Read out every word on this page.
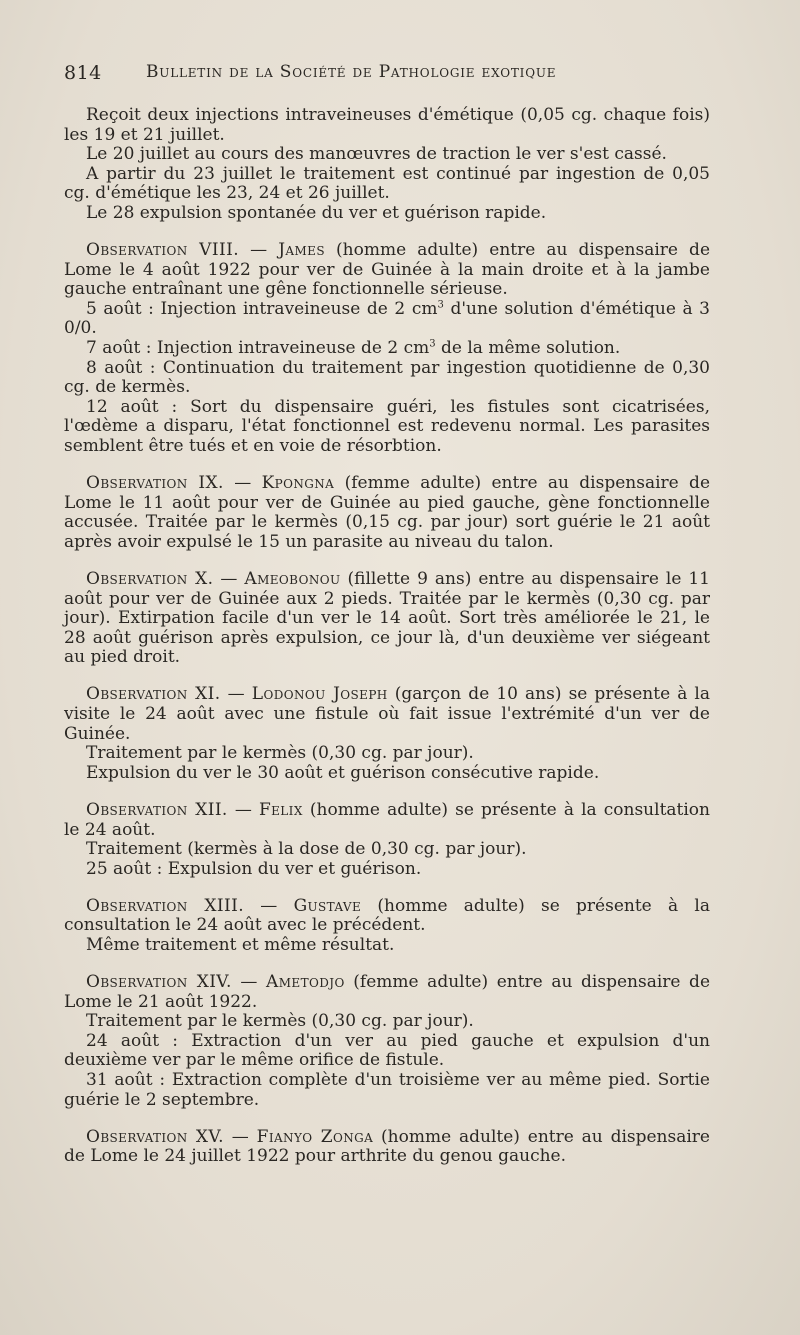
814	Bulletin de la Société de Pathologie exotique

Reçoit deux injections intraveineuses d'émétique (0,05 cg. chaque fois) les 19 et 21 juillet.

Le 20 juillet au cours des manœuvres de traction le ver s'est cassé.

A partir du 23 juillet le traitement est continué par ingestion de 0,05 cg. d'émétique les 23, 24 et 26 juillet.

Le 28 expulsion spontanée du ver et guérison rapide.

Observation VIII. — James (homme adulte) entre au dispensaire de Lome le 4 août 1922 pour ver de Guinée à la main droite et à la jambe gauche entraînant une gêne fonctionnelle sérieuse.

5 août : Injection intraveineuse de 2 $cm^3$ d'une solution d'émétique à 3 0/0.

7 août : Injection intraveineuse de 2 $cm^3$ de la même solution.

8 août : Continuation du traitement par ingestion quotidienne de 0,30 cg. de kermès.

12 août : Sort du dispensaire guéri, les fistules sont cicatrisées, l'œdème a disparu, l'état fonctionnel est redevenu normal. Les parasites semblent être tués et en voie de résorbtion.

Observation IX. — Kpongna (femme adulte) entre au dispensaire de Lome le 11 août pour ver de Guinée au pied gauche, gène fonctionnelle accusée. Traitée par le kermès (0,15 cg. par jour) sort guérie le 21 août après avoir expulsé le 15 un parasite au niveau du talon.

Observation X. — Ameobonou (fillette 9 ans) entre au dispensaire le 11 août pour ver de Guinée aux 2 pieds. Traitée par le kermès (0,30 cg. par jour). Extirpation facile d'un ver le 14 août. Sort très améliorée le 21, le 28 août guérison après expulsion, ce jour là, d'un deuxième ver siégeant au pied droit.

Observation XI. — Lodonou Joseph (garçon de 10 ans) se présente à la visite le 24 août avec une fistule où fait issue l'extrémité d'un ver de Guinée.

Traitement par le kermès (0,30 cg. par jour).

Expulsion du ver le 30 août et guérison consécutive rapide.

Observation XII. — Felix (homme adulte) se présente à la consultation le 24 août.

Traitement (kermès à la dose de 0,30 cg. par jour).

25 août : Expulsion du ver et guérison.

Observation XIII. — Gustave (homme adulte) se présente à la consultation le 24 août avec le précédent.

Même traitement et même résultat.

Observation XIV. — Ametodjo (femme adulte) entre au dispensaire de Lome le 21 août 1922.

Traitement par le kermès (0,30 cg. par jour).

24 août : Extraction d'un ver au pied gauche et expulsion d'un deuxième ver par le même orifice de fistule.

31 août : Extraction complète d'un troisième ver au même pied. Sortie guérie le 2 septembre.

Observation XV. — Fianyo Zonga (homme adulte) entre au dispensaire de Lome le 24 juillet 1922 pour arthrite du genou gauche.
